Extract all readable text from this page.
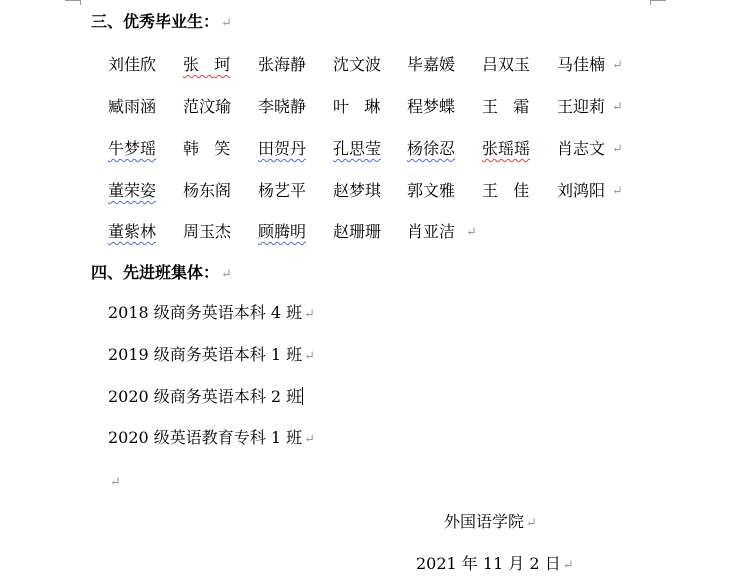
三、优秀毕业生： ↵
刘佳欣 张珂 张海静 沈文波 毕嘉媛 吕双玉 马佳楠 ↵
臧雨涵 范汶瑜 李晓静 叶琳 程梦蝶 王霜 王迎莉 ↵
牛梦瑶 韩笑 田贺丹 孔思莹 杨徐忍 张瑶瑶 肖志文 ↵
董荣姿 杨东阁 杨艺平 赵梦琪 郭文雅 王佳 刘鸿阳 ↵
董紫林 周玉杰 顾腾明 赵珊珊 肖亚洁 ↵
四、先进班集体： ↵
2018 级商务英语本科 4 班 ↵
2019 级商务英语本科 1 班 ↵
2020 级商务英语本科 2 班
2020 级英语教育专科 1 班 ↵
↵
外国语学院 ↵
2021 年 11 月 2 日 ↵
